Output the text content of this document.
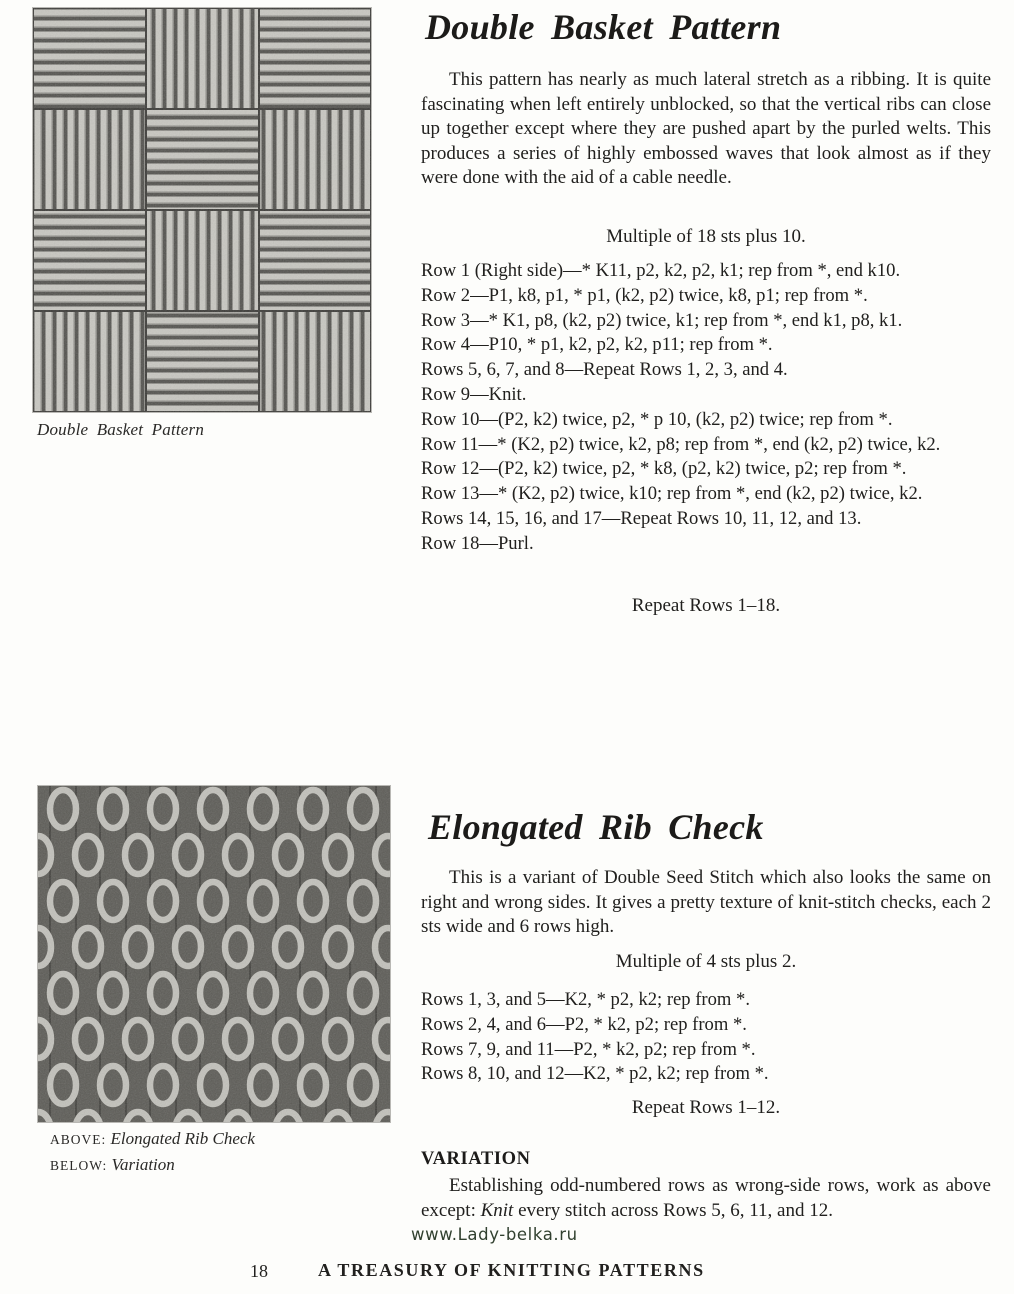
Double Basket Pattern
ABOVE: Elongated Rib Check
BELOW: Variation
Double Basket Pattern

This pattern has nearly as much lateral stretch as a ribbing. It is quite fascinating when left entirely unblocked, so that the vertical ribs can close up together except where they are pushed apart by the purled welts. This produces a series of highly embossed waves that look almost as if they were done with the aid of a cable needle.

Multiple of 18 sts plus 10.

Row 1 (Right side)—* K11, p2, k2, p2, k1; rep from *, end k10.

Row 2—P1, k8, p1, * p1, (k2, p2) twice, k8, p1; rep from *.

Row 3—* K1, p8, (k2, p2) twice, k1; rep from *, end k1, p8, k1.

Row 4—P10, * p1, k2, p2, k2, p11; rep from *.

Rows 5, 6, 7, and 8—Repeat Rows 1, 2, 3, and 4.

Row 9—Knit.

Row 10—(P2, k2) twice, p2, * p 10, (k2, p2) twice; rep from *.

Row 11—* (K2, p2) twice, k2, p8; rep from *, end (k2, p2) twice, k2.

Row 12—(P2, k2) twice, p2, * k8, (p2, k2) twice, p2; rep from *.

Row 13—* (K2, p2) twice, k10; rep from *, end (k2, p2) twice, k2.

Rows 14, 15, 16, and 17—Repeat Rows 10, 11, 12, and 13.

Row 18—Purl.

Repeat Rows 1–18.
Elongated Rib Check

This is a variant of Double Seed Stitch which also looks the same on right and wrong sides. It gives a pretty texture of knit-stitch checks, each 2 sts wide and 6 rows high.

Multiple of 4 sts plus 2.

Rows 1, 3, and 5—K2, * p2, k2; rep from *.

Rows 2, 4, and 6—P2, * k2, p2; rep from *.

Rows 7, 9, and 11—P2, * k2, p2; rep from *.

Rows 8, 10, and 12—K2, * p2, k2; rep from *.

Repeat Rows 1–12.
VARIATION

Establishing odd-numbered rows as wrong-side rows, work as above except: Knit every stitch across Rows 5, 6, 11, and 12.

www.Lady-belka.ru
18	A TREASURY OF KNITTING PATTERNS
